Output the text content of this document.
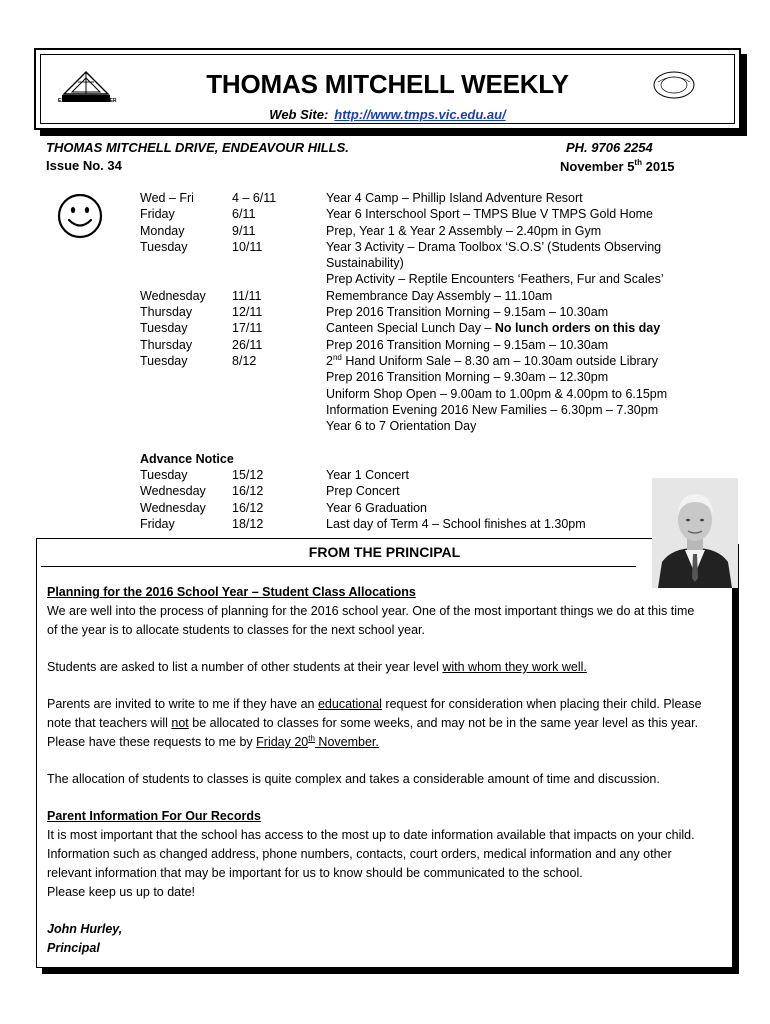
EXPLORING TOGETHER
THOMAS MITCHELL WEEKLY
Web Site: http://www.tmps.vic.edu.au/
THOMAS MITCHELL DRIVE, ENDEAVOUR HILLS.	PH. 9706 2254
Issue No. 34	November 5th 2015
Wed – Fri	4 – 6/11	Year 4 Camp – Phillip Island Adventure Resort
Friday	6/11	Year 6 Interschool Sport – TMPS Blue V TMPS Gold Home
Monday	9/11	Prep, Year 1 & Year 2 Assembly – 2.40pm in Gym
Tuesday	10/11	Year 3 Activity – Drama Toolbox ‘S.O.S’ (Students Observing
Sustainability)
Prep Activity – Reptile Encounters ‘Feathers, Fur and Scales’
Wednesday 11/11	Remembrance Day Assembly – 11.10am
Thursday	12/11	Prep 2016 Transition Morning – 9.15am – 10.30am
Tuesday	17/11	Canteen Special Lunch Day – No lunch orders on this day
Thursday	26/11	Prep 2016 Transition Morning – 9.15am – 10.30am
Tuesday	8/12	2nd Hand Uniform Sale – 8.30 am – 10.30am outside Library
Prep 2016 Transition Morning – 9.30am – 12.30pm
Uniform Shop Open – 9.00am to 1.00pm & 4.00pm to 6.15pm
Information Evening 2016 New Families – 6.30pm – 7.30pm
Year 6 to 7 Orientation Day
Advance Notice
Tuesday	15/12	Year 1 Concert
Wednesday 16/12	Prep Concert
Wednesday 16/12	Year 6 Graduation
Friday	18/12	Last day of Term 4 – School finishes at 1.30pm
FROM THE PRINCIPAL

Planning for the 2016 School Year – Student Class Allocations

We are well into the process of planning for the 2016 school year. One of the most important things we do at this time of the year is to allocate students to classes for the next school year.

Students are asked to list a number of other students at their year level with whom they work well.

Parents are invited to write to me if they have an educational request for consideration when placing their child. Please note that teachers will not be allocated to classes for some weeks, and may not be in the same year level as this year. Please have these requests to me by Friday 20th November.

The allocation of students to classes is quite complex and takes a considerable amount of time and discussion.

Parent Information For Our Records

It is most important that the school has access to the most up to date information available that impacts on your child. Information such as changed address, phone numbers, contacts, court orders, medical information and any other relevant information that may be important for us to know should be communicated to the school.

Please keep us up to date!

John Hurley,

Principal
